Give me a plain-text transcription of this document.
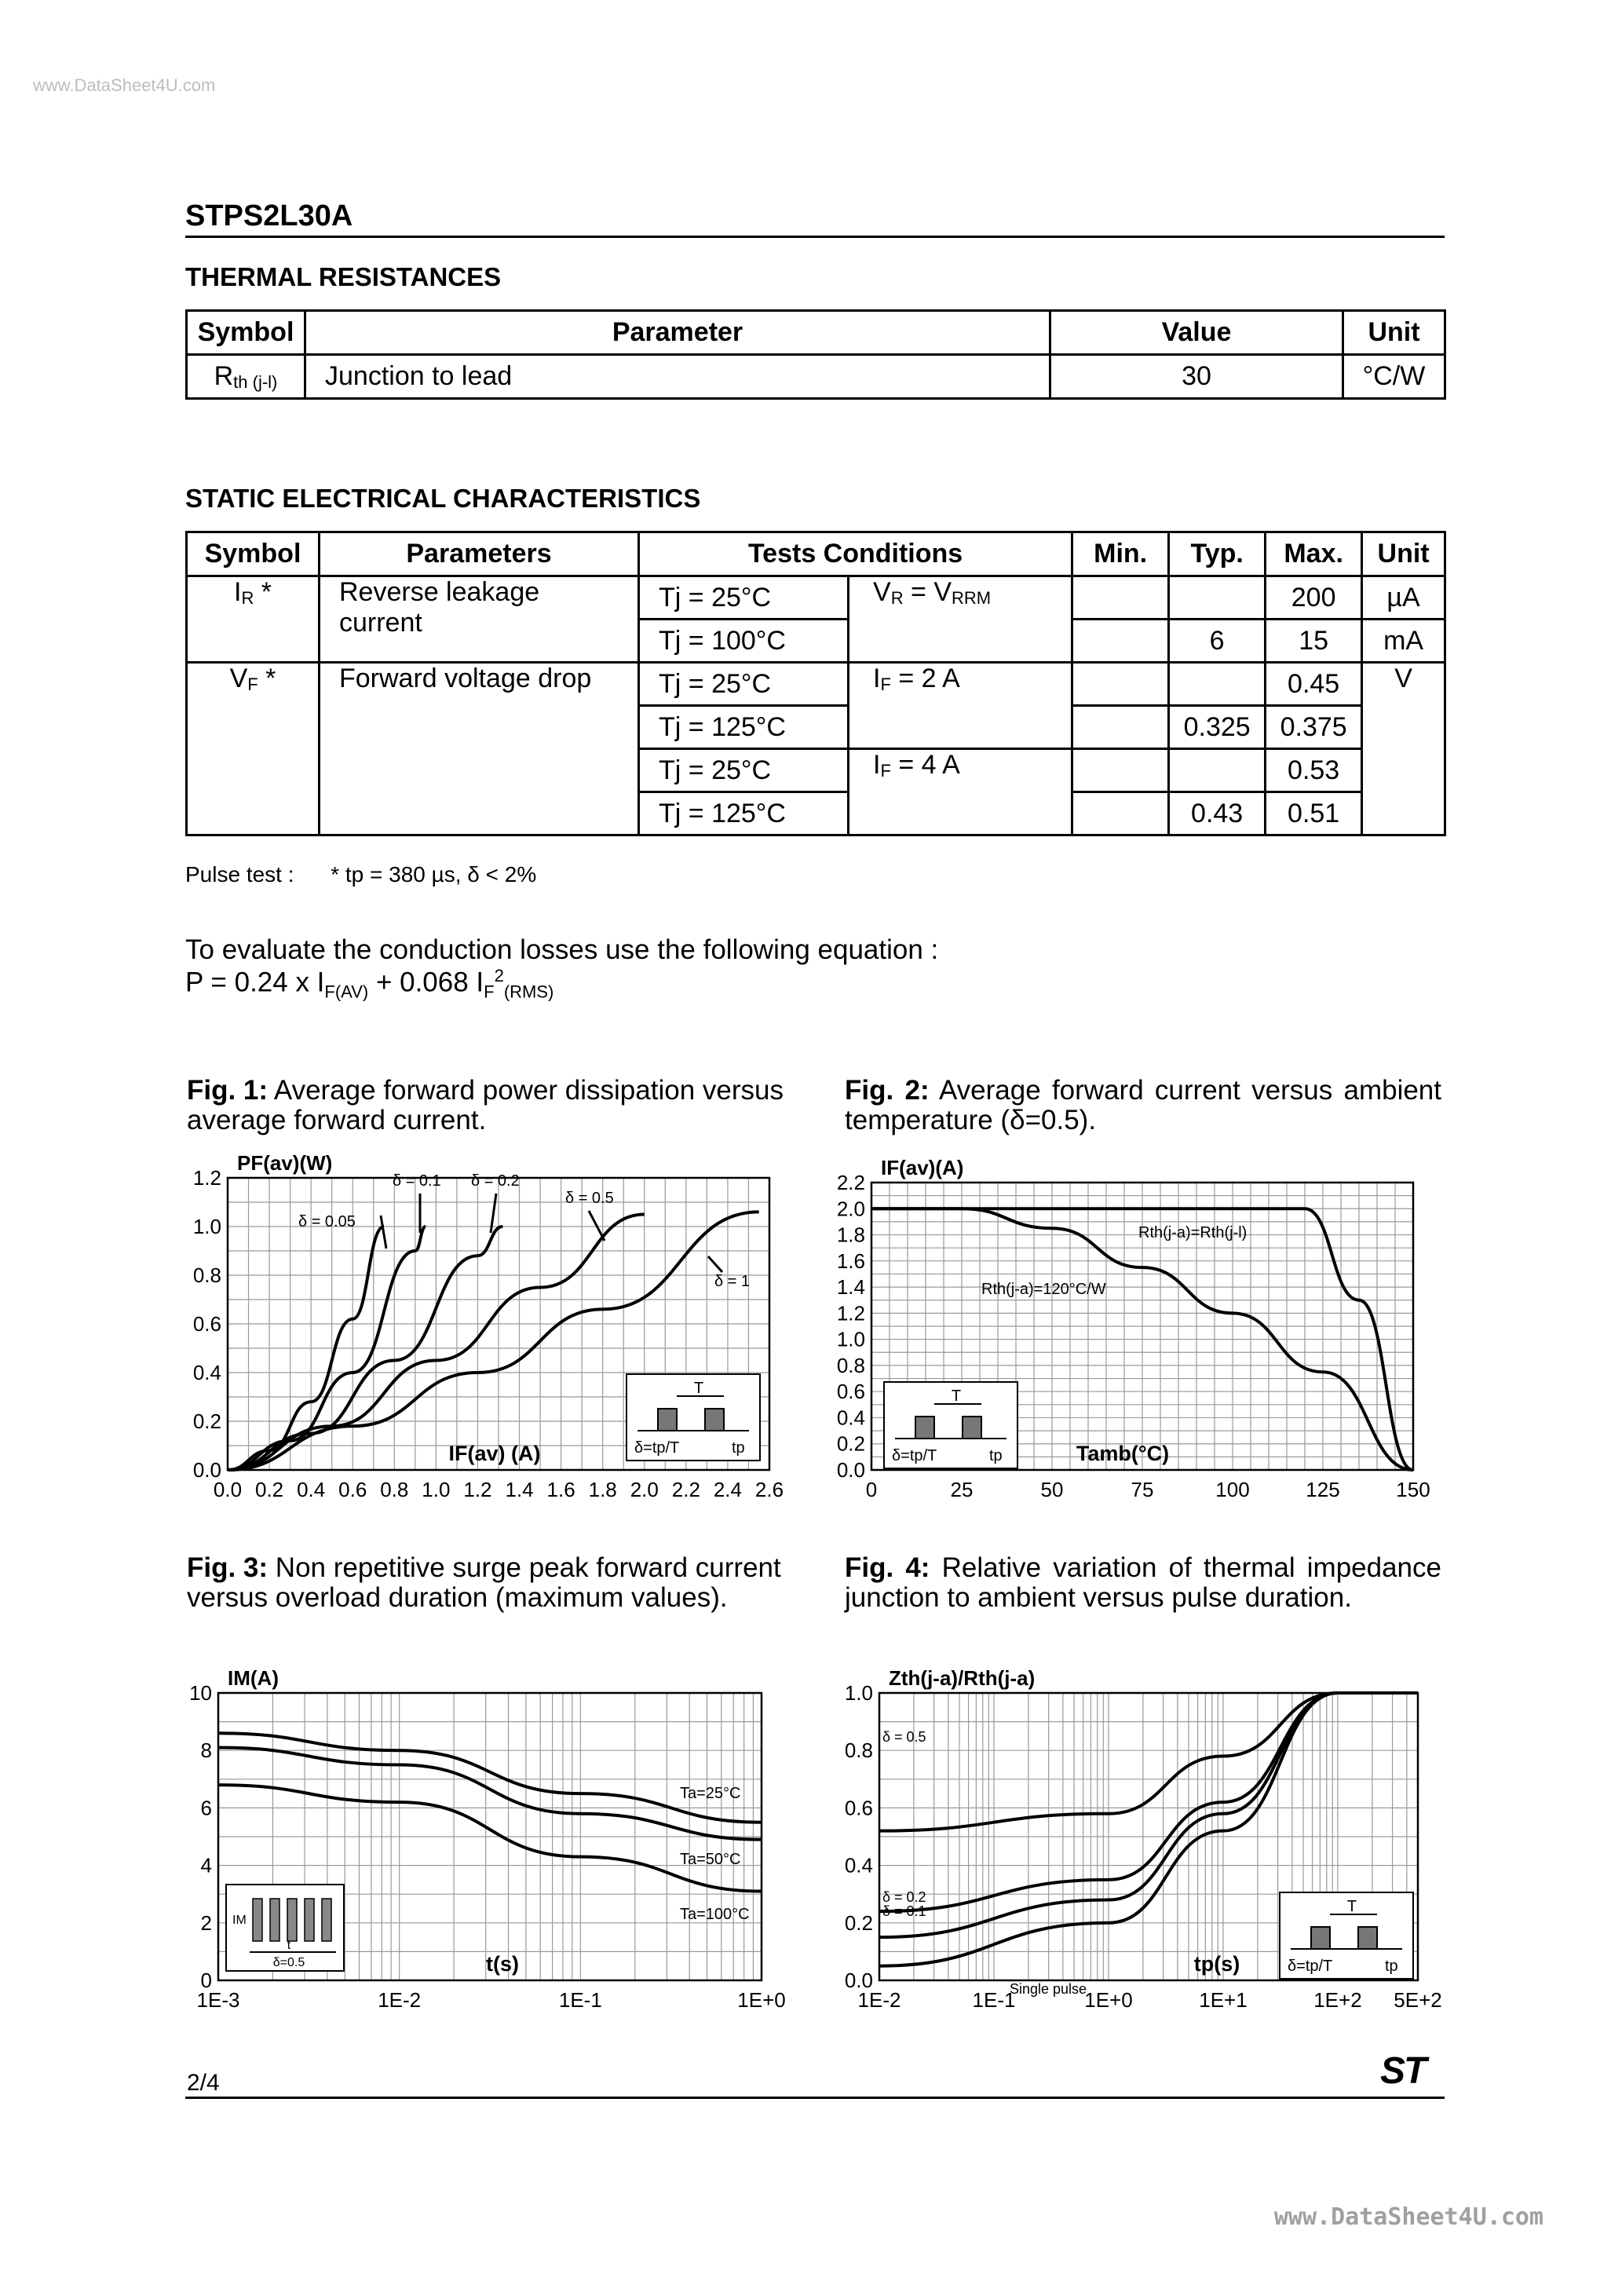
www.DataSheet4U.com
STPS2L30A
THERMAL RESISTANCES
Symbol	Parameter	Value	Unit
$R_{th (j-l)}$	Junction to lead	30	°C/W
STATIC ELECTRICAL CHARACTERISTICS
Symbol	Parameters	Tests Conditions		Min.	Typ.	Max.	Unit
$I_R$ *	Reverse leakage current	Tj = 25°C	$V_R = V_{RRM}$			200	µA
		Tj = 100°C			6	15	mA
$V_F$ *	Forward voltage drop	Tj = 25°C	$I_F = 2$ A			0.45	V
		Tj = 125°C			0.325	0.375	
		Tj = 25°C	$I_F = 4$ A			0.53	
		Tj = 125°C			0.43	0.51	
Pulse test :      * tp = 380 µs, δ < 2%
To evaluate the conduction losses use the following equation :
P = 0.24 x $I_{F(AV)} + 0.068$ $I_F^2_{(RMS)}$
Fig. 1: Average forward power dissipation versus average forward current.
Fig. 2: Average forward current versus ambient temperature (δ=0.5).
Fig. 3: Non repetitive surge peak forward current versus overload duration (maximum values).
Fig. 4: Relative variation of thermal impedance junction to ambient versus pulse duration.
0.0 0.2 0.4 0.6 0.8 1.0 1.2 1.4 1.6 1.8 2.0 2.2 2.4 2.6
0.0
0.2
0.4
0.6
0.8
1.0
1.2
PF(av)(W)
IF(av) (A)
δ = 0.05
δ = 0.1 δ = 0.2
δ = 0.5
δ = 1
T
δ=tp/T	tp
0	25	50	75	100	125	150
0.0
0.2
0.4
0.6
0.8
1.0
1.2
1.4
1.6
1.8
2.0
2.2
IF(av)(A)
Tamb(°C)
Rth(j-a)=Rth(j-l)
Rth(j-a)=120°C/W
T
δ=tp/T	tp
1E-3	1E-2	1E-1	1E+0
0
2
4
6
8
10
IM(A)
t(s)
Ta=25°C
Ta=50°C
Ta=100°C
IM
t
δ=0.5
1E-2	1E-1	1E+0	1E+1	1E+2 5E+2
0.0
0.2
0.4
0.6
0.8
1.0
Zth(j-a)/Rth(j-a)
tp(s)
δ = 0.5
δ = 0.2
δ = 0.1
Single pulse
T
δ=tp/T	tp
2/4	ST
www.DataSheet4U.com
